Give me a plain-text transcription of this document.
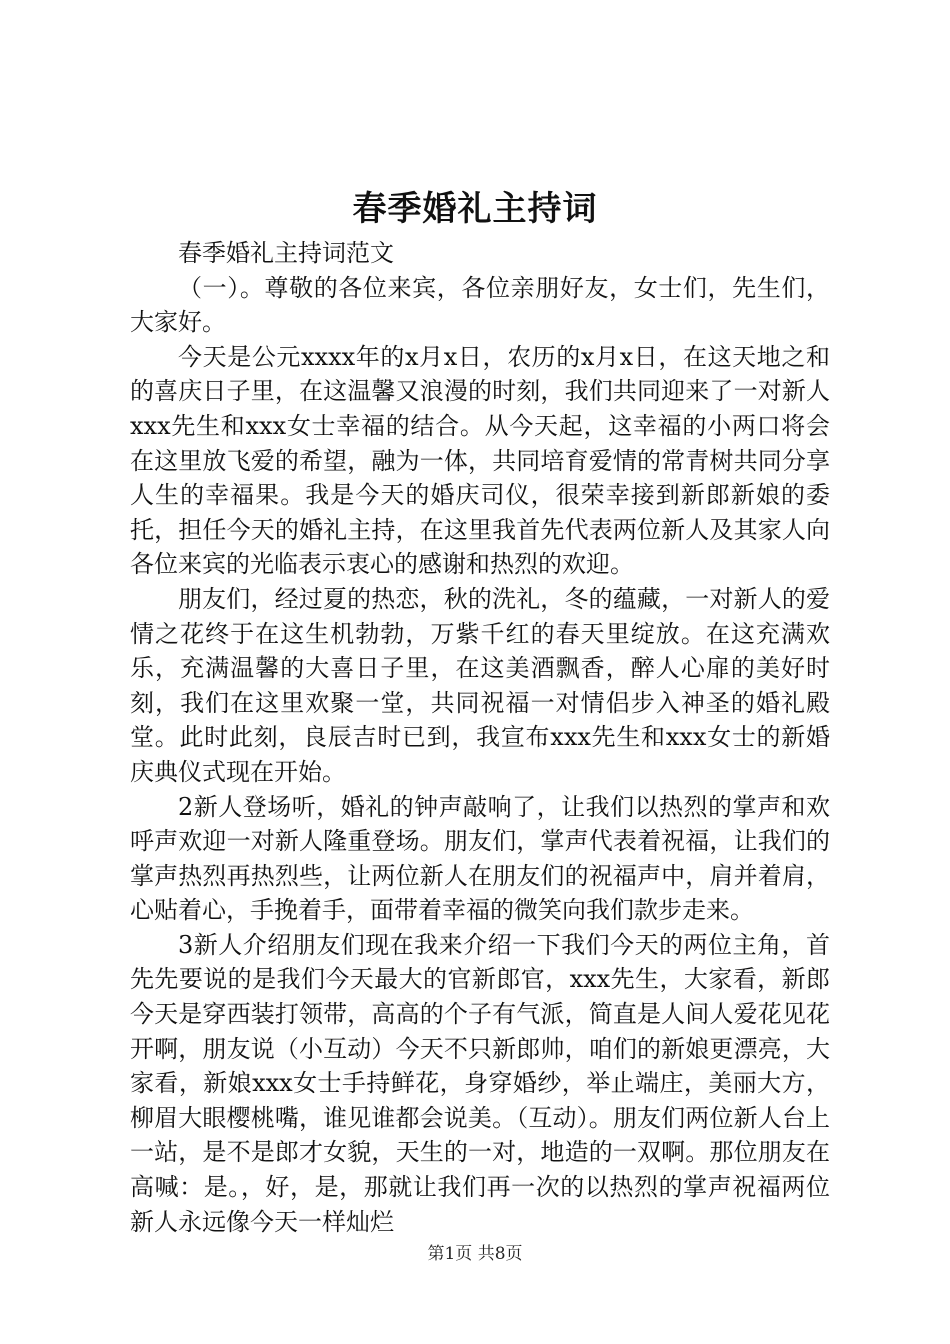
春季婚礼主持词

春季婚礼主持词范文

（一）。尊敬的各位来宾，各位亲朋好友，女士们，先生们，大家好。

今天是公元xxxx年的x月x日，农历的x月x日，在这天地之和的喜庆日子里，在这温馨又浪漫的时刻，我们共同迎来了一对新人xxx先生和xxx女士幸福的结合。从今天起，这幸福的小两口将会在这里放飞爱的希望，融为一体，共同培育爱情的常青树共同分享人生的幸福果。我是今天的婚庆司仪，很荣幸接到新郎新娘的委托，担任今天的婚礼主持，在这里我首先代表两位新人及其家人向各位来宾的光临表示衷心的感谢和热烈的欢迎。

朋友们，经过夏的热恋，秋的洗礼，冬的蕴藏，一对新人的爱情之花终于在这生机勃勃，万紫千红的春天里绽放。在这充满欢乐，充满温馨的大喜日子里，在这美酒飘香，醉人心扉的美好时刻，我们在这里欢聚一堂，共同祝福一对情侣步入神圣的婚礼殿堂。此时此刻，良辰吉时已到，我宣布xxx先生和xxx女士的新婚庆典仪式现在开始。

2新人登场听，婚礼的钟声敲响了，让我们以热烈的掌声和欢呼声欢迎一对新人隆重登场。朋友们，掌声代表着祝福，让我们的掌声热烈再热烈些，让两位新人在朋友们的祝福声中，肩并着肩，心贴着心，手挽着手，面带着幸福的微笑向我们款步走来。

3新人介绍朋友们现在我来介绍一下我们今天的两位主角，首先先要说的是我们今天最大的官新郎官，xxx先生，大家看，新郎今天是穿西装打领带，高高的个子有气派，简直是人间人爱花见花开啊，朋友说（小互动）今天不只新郎帅，咱们的新娘更漂亮，大家看，新娘xxx女士手持鲜花，身穿婚纱，举止端庄，美丽大方，柳眉大眼樱桃嘴，谁见谁都会说美。（互动）。朋友们两位新人台上一站，是不是郎才女貌，天生的一对，地造的一双啊。那位朋友在高喊：是。，好，是，那就让我们再一次的以热烈的掌声祝福两位新人永远像今天一样灿烂

第1页 共8页
